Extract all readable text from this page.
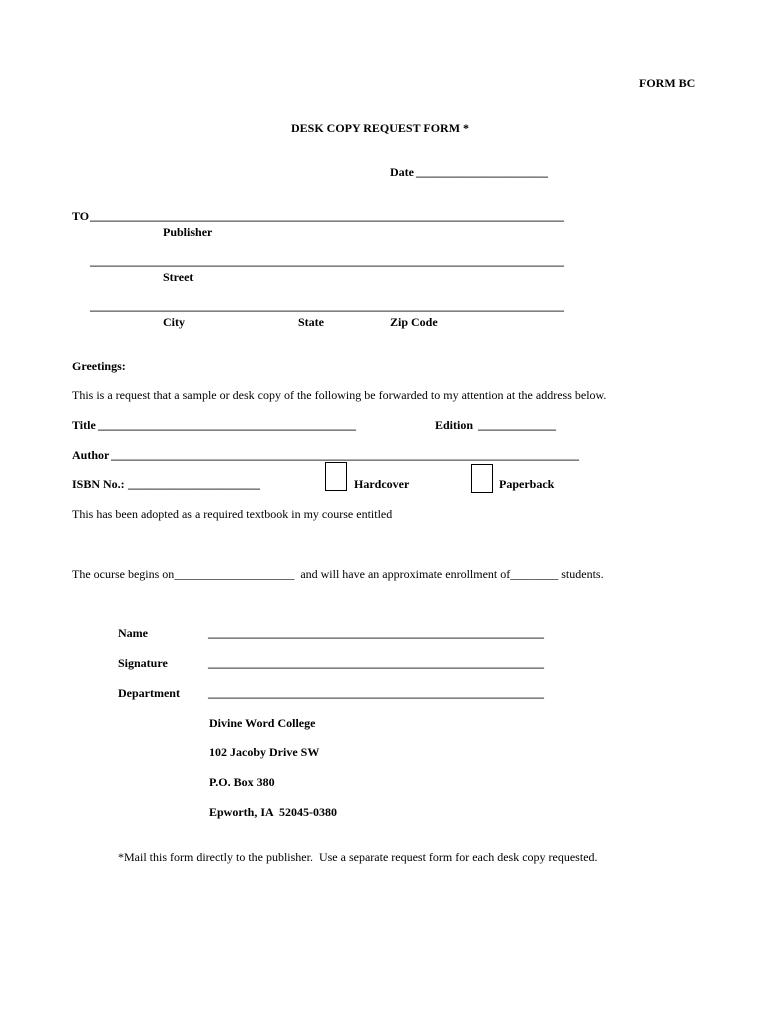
FORM BC
DESK COPY REQUEST FORM *
Date ______________________
TO _______________________________________________________________________________
Publisher
_______________________________________________________________________________
Street
_______________________________________________________________________________
City	State	Zip Code
Greetings:
This is a request that a sample or desk copy of the following be forwarded to my attention at the address below.
Title ___________________________________________	Edition _____________
Author ______________________________________________________________________________
ISBN No.: ______________________	Hardcover	Paperback
This has been adopted as a required textbook in my course entitled
The ocurse begins on____________________  and will have an approximate enrollment of________ students.
Name	________________________________________________________
Signature	________________________________________________________
Department ________________________________________________________
Divine Word College
102 Jacoby Drive SW
P.O. Box 380
Epworth, IA  52045-0380
*Mail this form directly to the publisher.  Use a separate request form for each desk copy requested.
